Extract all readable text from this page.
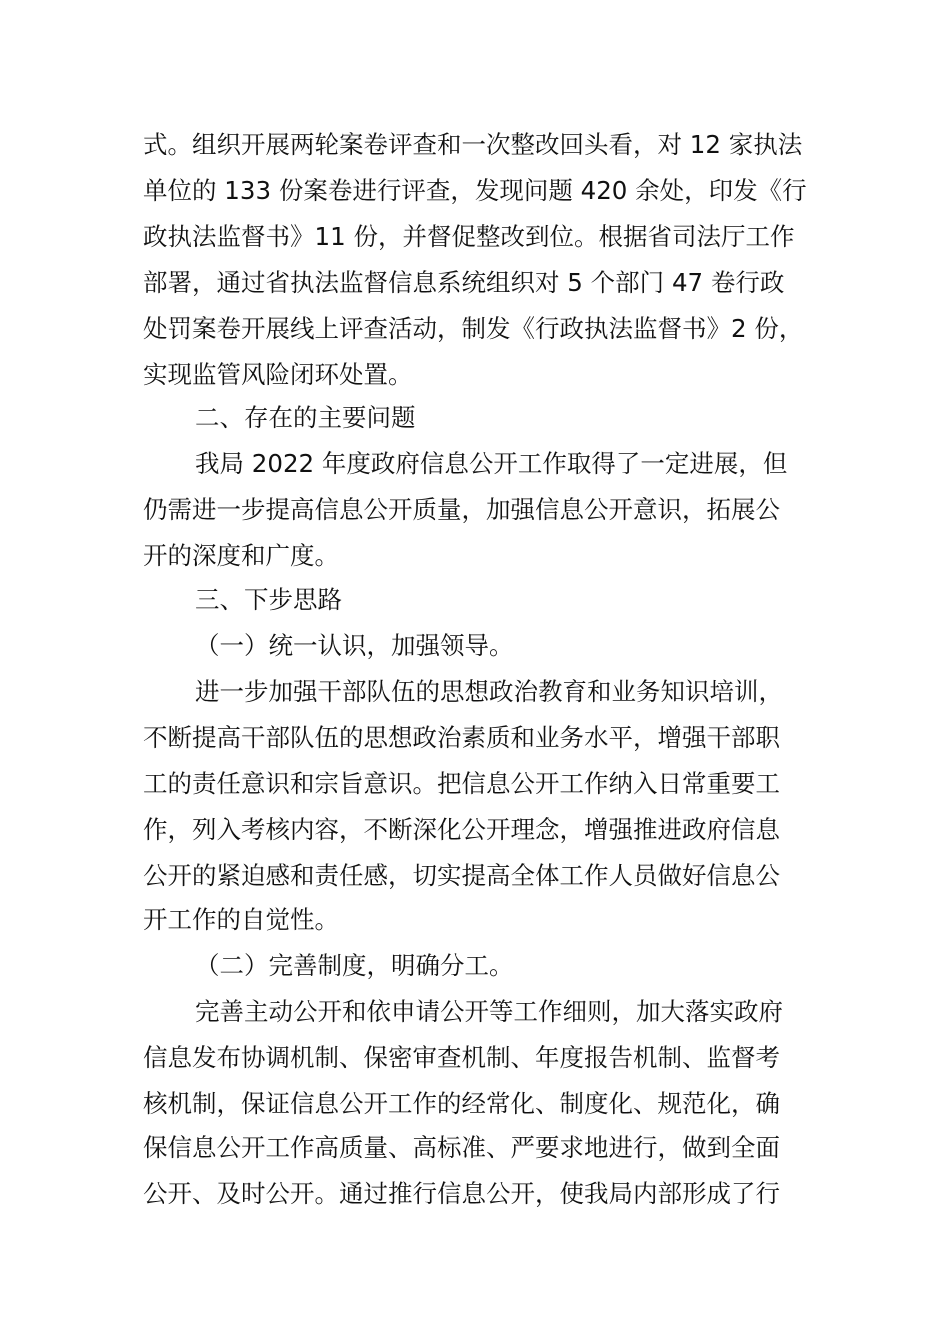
式。组织开展两轮案卷评查和一次整改回头看，对 12 家执法
单位的 133 份案卷进行评查，发现问题 420 余处，印发《行
政执法监督书》11 份，并督促整改到位。根据省司法厅工作
部署，通过省执法监督信息系统组织对 5 个部门 47 卷行政
处罚案卷开展线上评查活动，制发《行政执法监督书》2 份，
实现监管风险闭环处置。
二、存在的主要问题
我局 2022 年度政府信息公开工作取得了一定进展，但
仍需进一步提高信息公开质量，加强信息公开意识，拓展公
开的深度和广度。
三、下步思路
（一）统一认识，加强领导。
进一步加强干部队伍的思想政治教育和业务知识培训，
不断提高干部队伍的思想政治素质和业务水平，增强干部职
工的责任意识和宗旨意识。把信息公开工作纳入日常重要工
作，列入考核内容，不断深化公开理念，增强推进政府信息
公开的紧迫感和责任感，切实提高全体工作人员做好信息公
开工作的自觉性。
（二）完善制度，明确分工。
完善主动公开和依申请公开等工作细则，加大落实政府
信息发布协调机制、保密审查机制、年度报告机制、监督考
核机制，保证信息公开工作的经常化、制度化、规范化，确
保信息公开工作高质量、高标准、严要求地进行，做到全面
公开、及时公开。通过推行信息公开，使我局内部形成了行
